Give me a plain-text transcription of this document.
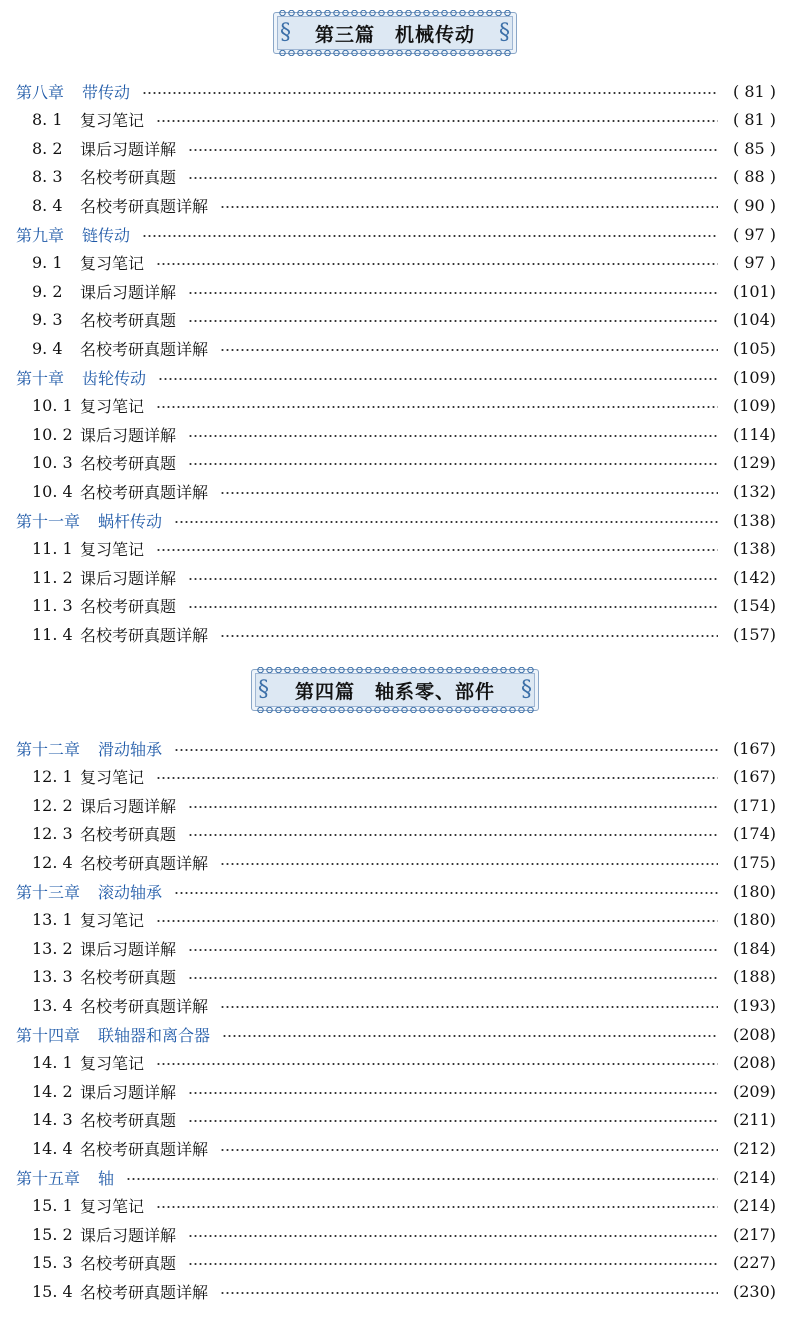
§	第三篇　机械传动	§
§	第四篇　轴系零、部件	§
第八章 带传动	( 81 )
8. 1	复习笔记	( 81 )
8. 2	课后习题详解	( 85 )
8. 3	名校考研真题	( 88 )
8. 4	名校考研真题详解	( 90 )
第九章 链传动	( 97 )
9. 1	复习笔记	( 97 )
9. 2	课后习题详解	(101)
9. 3	名校考研真题	(104)
9. 4	名校考研真题详解	(105)
第十章 齿轮传动	(109)
10. 1 复习笔记	(109)
10. 2 课后习题详解	(114)
10. 3 名校考研真题	(129)
10. 4 名校考研真题详解	(132)
第十一章 蜗杆传动	(138)
11. 1 复习笔记	(138)
11. 2 课后习题详解	(142)
11. 3 名校考研真题	(154)
11. 4 名校考研真题详解	(157)
第十二章 滑动轴承	(167)
12. 1 复习笔记	(167)
12. 2 课后习题详解	(171)
12. 3 名校考研真题	(174)
12. 4 名校考研真题详解	(175)
第十三章 滚动轴承	(180)
13. 1 复习笔记	(180)
13. 2 课后习题详解	(184)
13. 3 名校考研真题	(188)
13. 4 名校考研真题详解	(193)
第十四章 联轴器和离合器	(208)
14. 1 复习笔记	(208)
14. 2 课后习题详解	(209)
14. 3 名校考研真题	(211)
14. 4 名校考研真题详解	(212)
第十五章 轴	(214)
15. 1 复习笔记	(214)
15. 2 课后习题详解	(217)
15. 3 名校考研真题	(227)
15. 4 名校考研真题详解	(230)
